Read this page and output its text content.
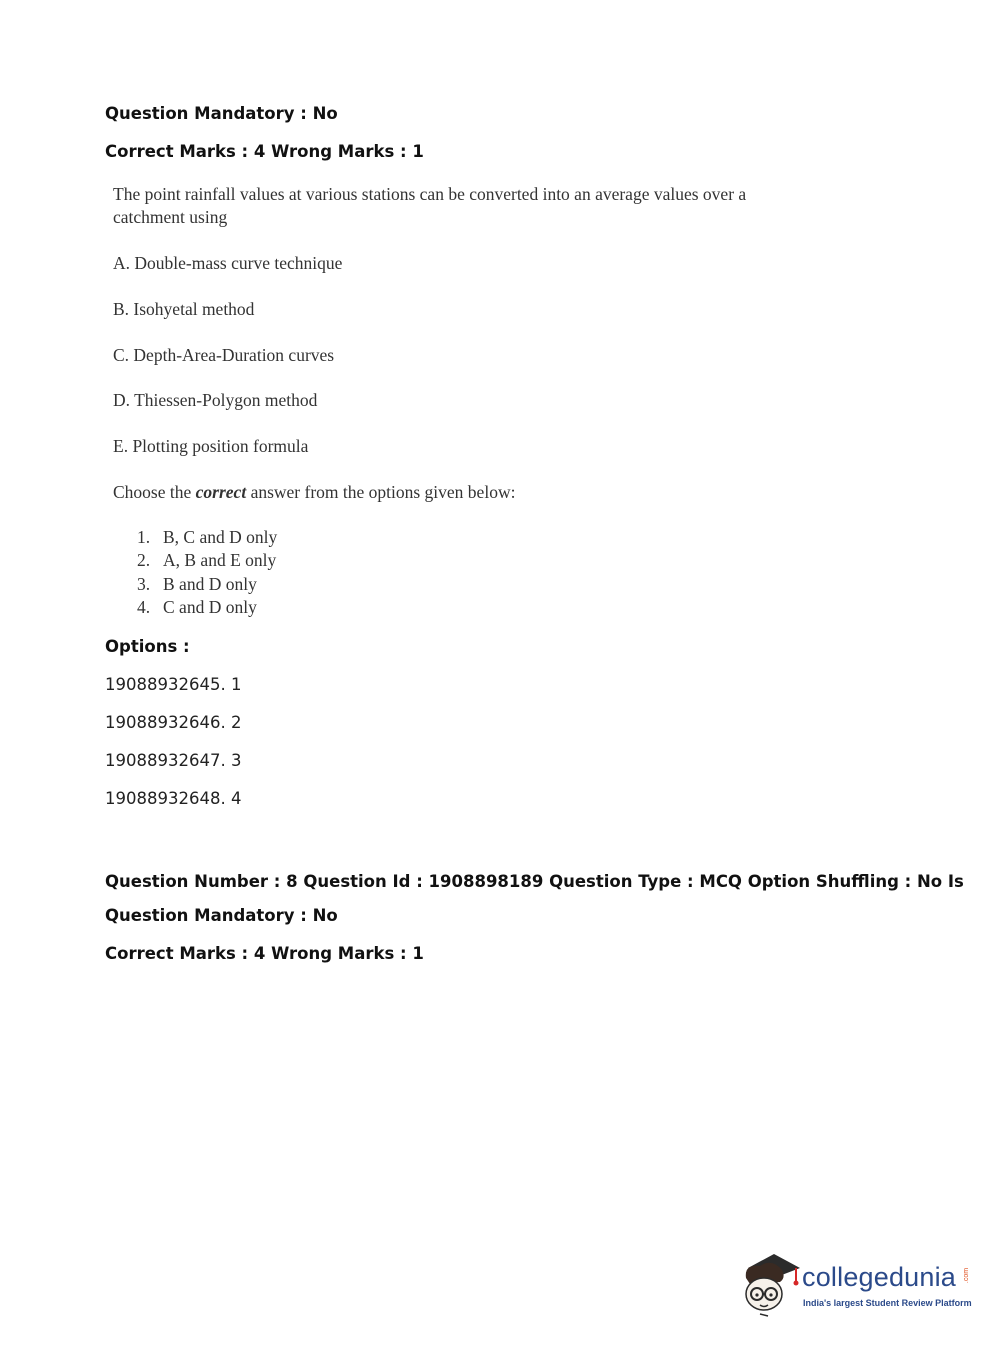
Question Mandatory : No
Correct Marks : 4 Wrong Marks : 1
The point rainfall values at various stations can be converted into an average values over a
catchment using
A. Double-mass curve technique
B. Isohyetal method
C. Depth-Area-Duration curves
D. Thiessen-Polygon method
E. Plotting position formula
Choose the correct answer from the options given below:
1. B, C and D only
2. A, B and E only
3. B and D only
4. C and D only
Options :
19088932645. 1
19088932646. 2
19088932647. 3
19088932648. 4
Question Number : 8 Question Id : 1908898189 Question Type : MCQ Option Shuffling : No Is
Question Mandatory : No
Correct Marks : 4 Wrong Marks : 1
collegedunia .com
India's largest Student Review Platform
